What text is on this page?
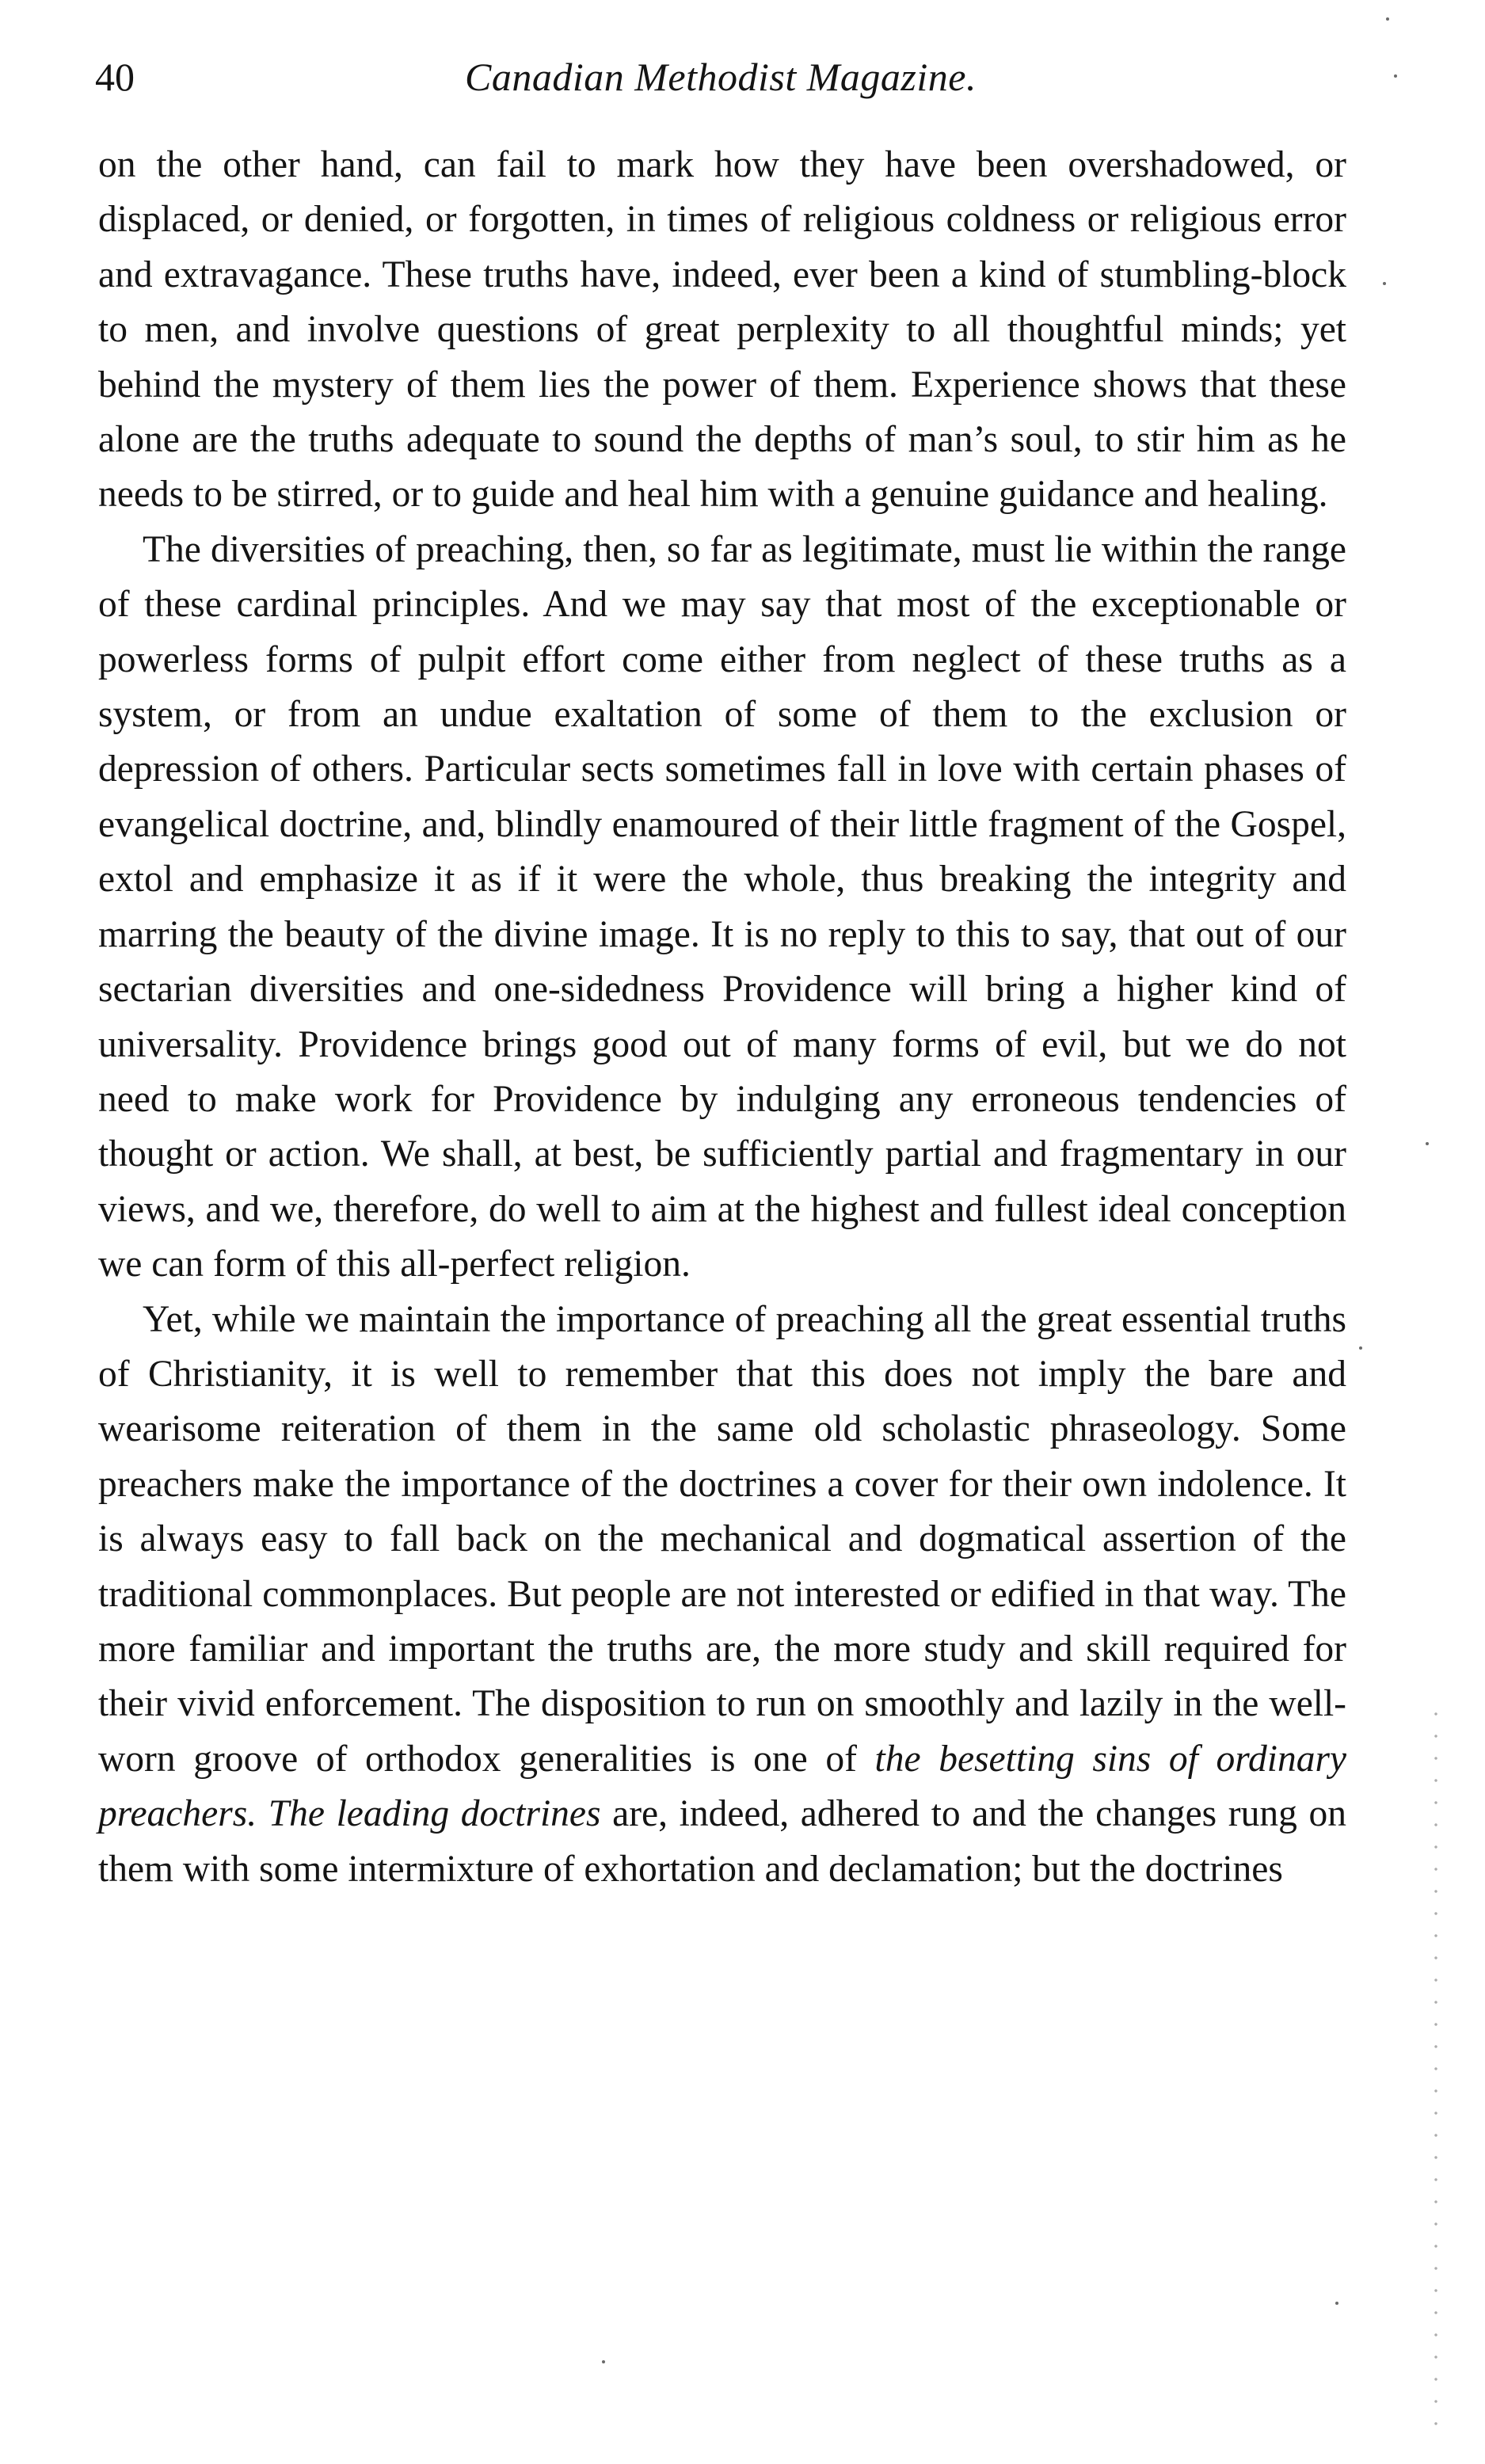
40	Canadian Methodist Magazine.

on the other hand, can fail to mark how they have been overshadowed, or displaced, or denied, or forgotten, in times of religious coldness or religious error and extravagance. These truths have, indeed, ever been a kind of stumbling-block to men, and involve questions of great perplexity to all thoughtful minds; yet behind the mystery of them lies the power of them. Experience shows that these alone are the truths adequate to sound the depths of man’s soul, to stir him as he needs to be stirred, or to guide and heal him with a genuine guidance and healing.

The diversities of preaching, then, so far as legitimate, must lie within the range of these cardinal principles. And we may say that most of the exceptionable or powerless forms of pulpit effort come either from neglect of these truths as a system, or from an undue exaltation of some of them to the exclusion or depression of others. Particular sects sometimes fall in love with certain phases of evangelical doctrine, and, blindly enamoured of their little fragment of the Gospel, extol and emphasize it as if it were the whole, thus breaking the integrity and marring the beauty of the divine image. It is no reply to this to say, that out of our sectarian diversities and one-sidedness Providence will bring a higher kind of universality. Providence brings good out of many forms of evil, but we do not need to make work for Providence by indulging any erroneous tendencies of thought or action. We shall, at best, be sufficiently partial and fragmentary in our views, and we, therefore, do well to aim at the highest and fullest ideal conception we can form of this all-perfect religion.

Yet, while we maintain the importance of preaching all the great essential truths of Christianity, it is well to remember that this does not imply the bare and wearisome reiteration of them in the same old scholastic phraseology. Some preachers make the importance of the doctrines a cover for their own indolence. It is always easy to fall back on the mechanical and dogmatical assertion of the traditional commonplaces. But people are not interested or edified in that way. The more familiar and important the truths are, the more study and skill required for their vivid enforcement. The disposition to run on smoothly and lazily in the well-worn groove of orthodox generalities is one of the besetting sins of ordinary preachers. The leading doctrines are, indeed, adhered to and the changes rung on them with some intermixture of exhortation and declamation; but the doctrines
